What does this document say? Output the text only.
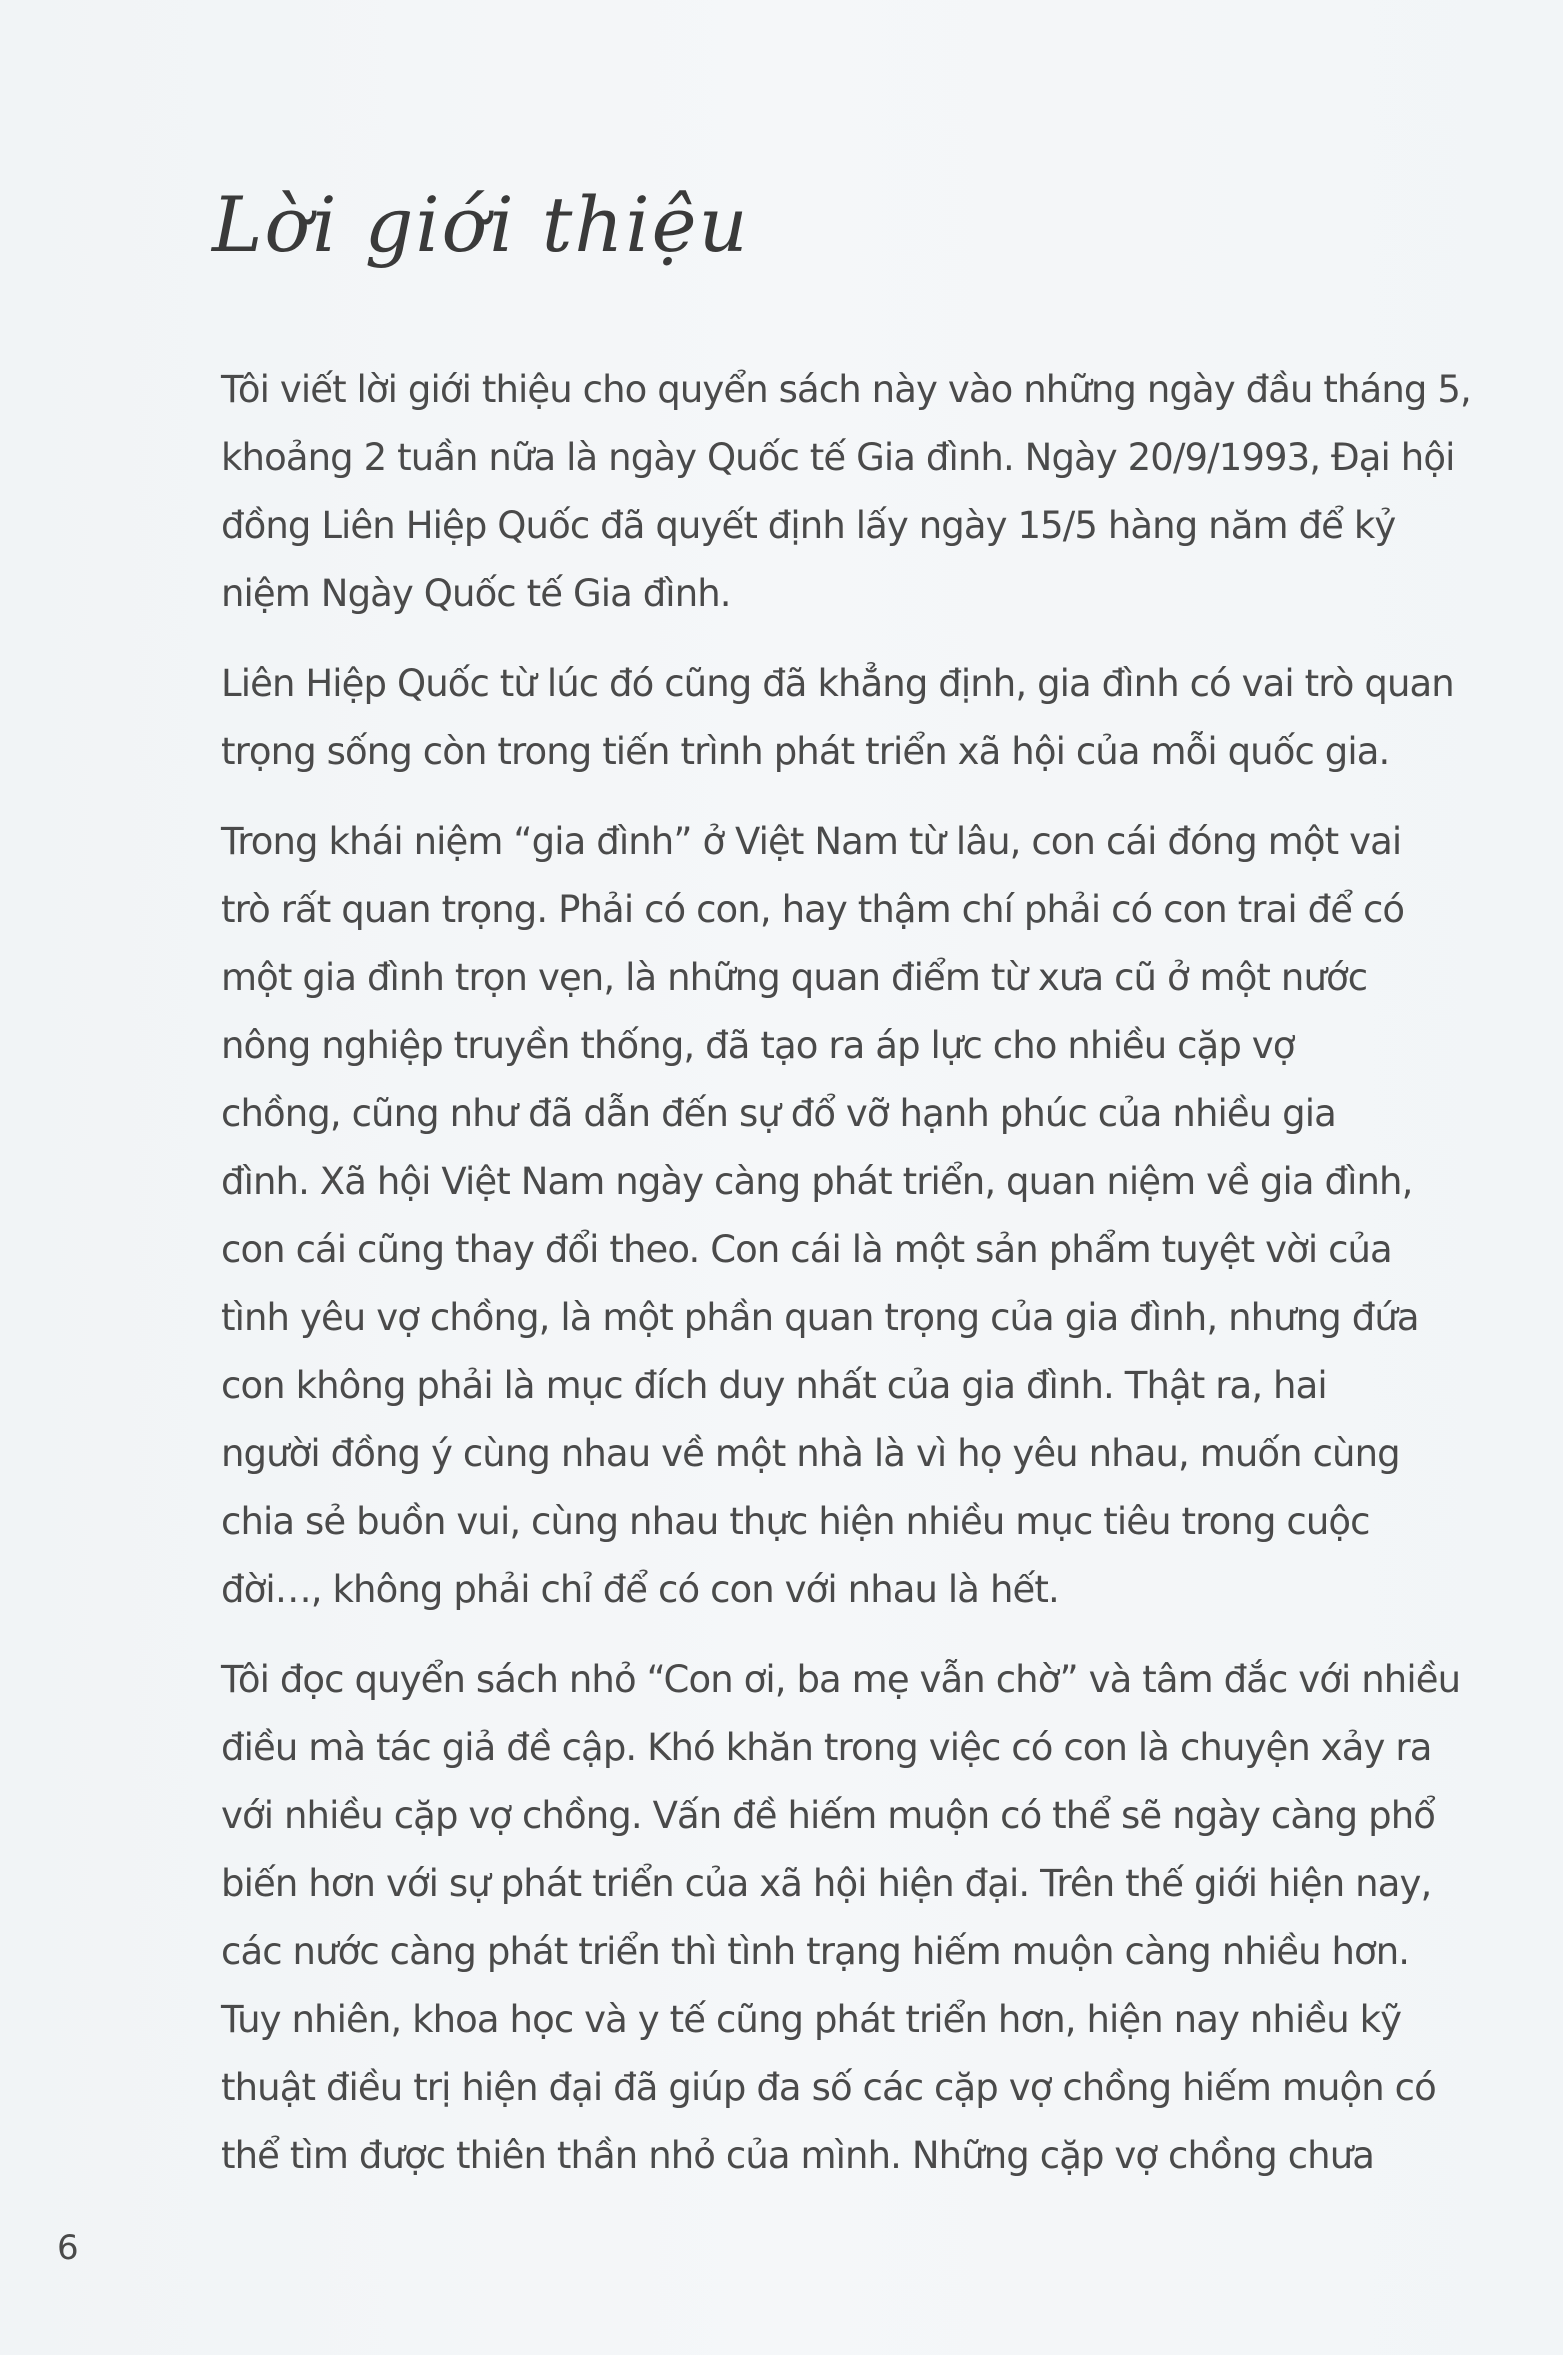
Lời giới thiệu

Tôi viết lời giới thiệu cho quyển sách này vào những ngày đầu tháng 5,
khoảng 2 tuần nữa là ngày Quốc tế Gia đình. Ngày 20/9/1993, Đại hội
đồng Liên Hiệp Quốc đã quyết định lấy ngày 15/5 hàng năm để kỷ
niệm Ngày Quốc tế Gia đình.

Liên Hiệp Quốc từ lúc đó cũng đã khẳng định, gia đình có vai trò quan
trọng sống còn trong tiến trình phát triển xã hội của mỗi quốc gia.

Trong khái niệm “gia đình” ở Việt Nam từ lâu, con cái đóng một vai
trò rất quan trọng. Phải có con, hay thậm chí phải có con trai để có
một gia đình trọn vẹn, là những quan điểm từ xưa cũ ở một nước
nông nghiệp truyền thống, đã tạo ra áp lực cho nhiều cặp vợ
chồng, cũng như đã dẫn đến sự đổ vỡ hạnh phúc của nhiều gia
đình. Xã hội Việt Nam ngày càng phát triển, quan niệm về gia đình,
con cái cũng thay đổi theo. Con cái là một sản phẩm tuyệt vời của
tình yêu vợ chồng, là một phần quan trọng của gia đình, nhưng đứa
con không phải là mục đích duy nhất của gia đình. Thật ra, hai
người đồng ý cùng nhau về một nhà là vì họ yêu nhau, muốn cùng
chia sẻ buồn vui, cùng nhau thực hiện nhiều mục tiêu trong cuộc
đời…, không phải chỉ để có con với nhau là hết.

Tôi đọc quyển sách nhỏ “Con ơi, ba mẹ vẫn chờ” và tâm đắc với nhiều
điều mà tác giả đề cập. Khó khăn trong việc có con là chuyện xảy ra
với nhiều cặp vợ chồng. Vấn đề hiếm muộn có thể sẽ ngày càng phổ
biến hơn với sự phát triển của xã hội hiện đại. Trên thế giới hiện nay,
các nước càng phát triển thì tình trạng hiếm muộn càng nhiều hơn.
Tuy nhiên, khoa học và y tế cũng phát triển hơn, hiện nay nhiều kỹ
thuật điều trị hiện đại đã giúp đa số các cặp vợ chồng hiếm muộn có
thể tìm được thiên thần nhỏ của mình. Những cặp vợ chồng chưa

6
